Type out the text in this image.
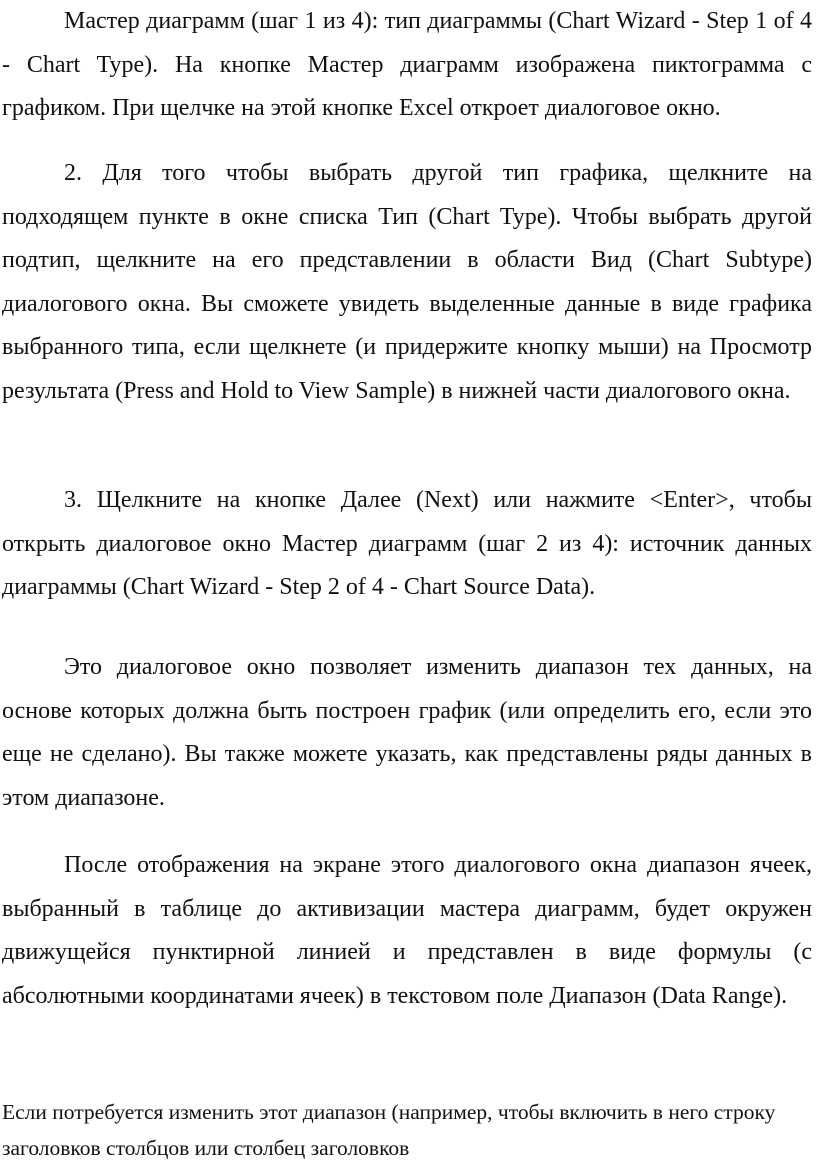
Мастер диаграмм (шаг 1 из 4): тип диаграммы (Chart Wizard - Step 1 of 4 - Chart Type). На кнопке Мастер диаграмм изображена пиктограмма с графиком. При щелчке на этой кнопке Excel откроет диалоговое окно.

2. Для того чтобы выбрать другой тип графика, щелкните на подходящем пункте в окне списка Тип (Chart Type). Чтобы выбрать другой подтип, щелкните на его представлении в области Вид (Chart Subtype) диалогового окна. Вы сможете увидеть выделенные данные в виде графика выбранного типа, если щелкнете (и придержите кнопку мыши) на Просмотр результата (Press and Hold to View Sample) в нижней части диалогового окна.

3. Щелкните на кнопке Далее (Next) или нажмите <Enter>, чтобы открыть диалоговое окно Мастер диаграмм (шаг 2 из 4): источник данных диаграммы (Chart Wizard - Step 2 of 4 - Chart Source Data).

Это диалоговое окно позволяет изменить диапазон тех данных, на основе которых должна быть построен график (или определить его, если это еще не сделано). Вы также можете указать, как представлены ряды данных в этом диапазоне.

После отображения на экране этого диалогового окна диапазон ячеек, выбранный в таблице до активизации мастера диаграмм, будет окружен движущейся пунктирной линией и представлен в виде формулы (с абсолютными координатами ячеек) в текстовом поле Диапазон (Data Range).

Если потребуется изменить этот диапазон (например, чтобы включить в него строку заголовков столбцов или столбец заголовков
